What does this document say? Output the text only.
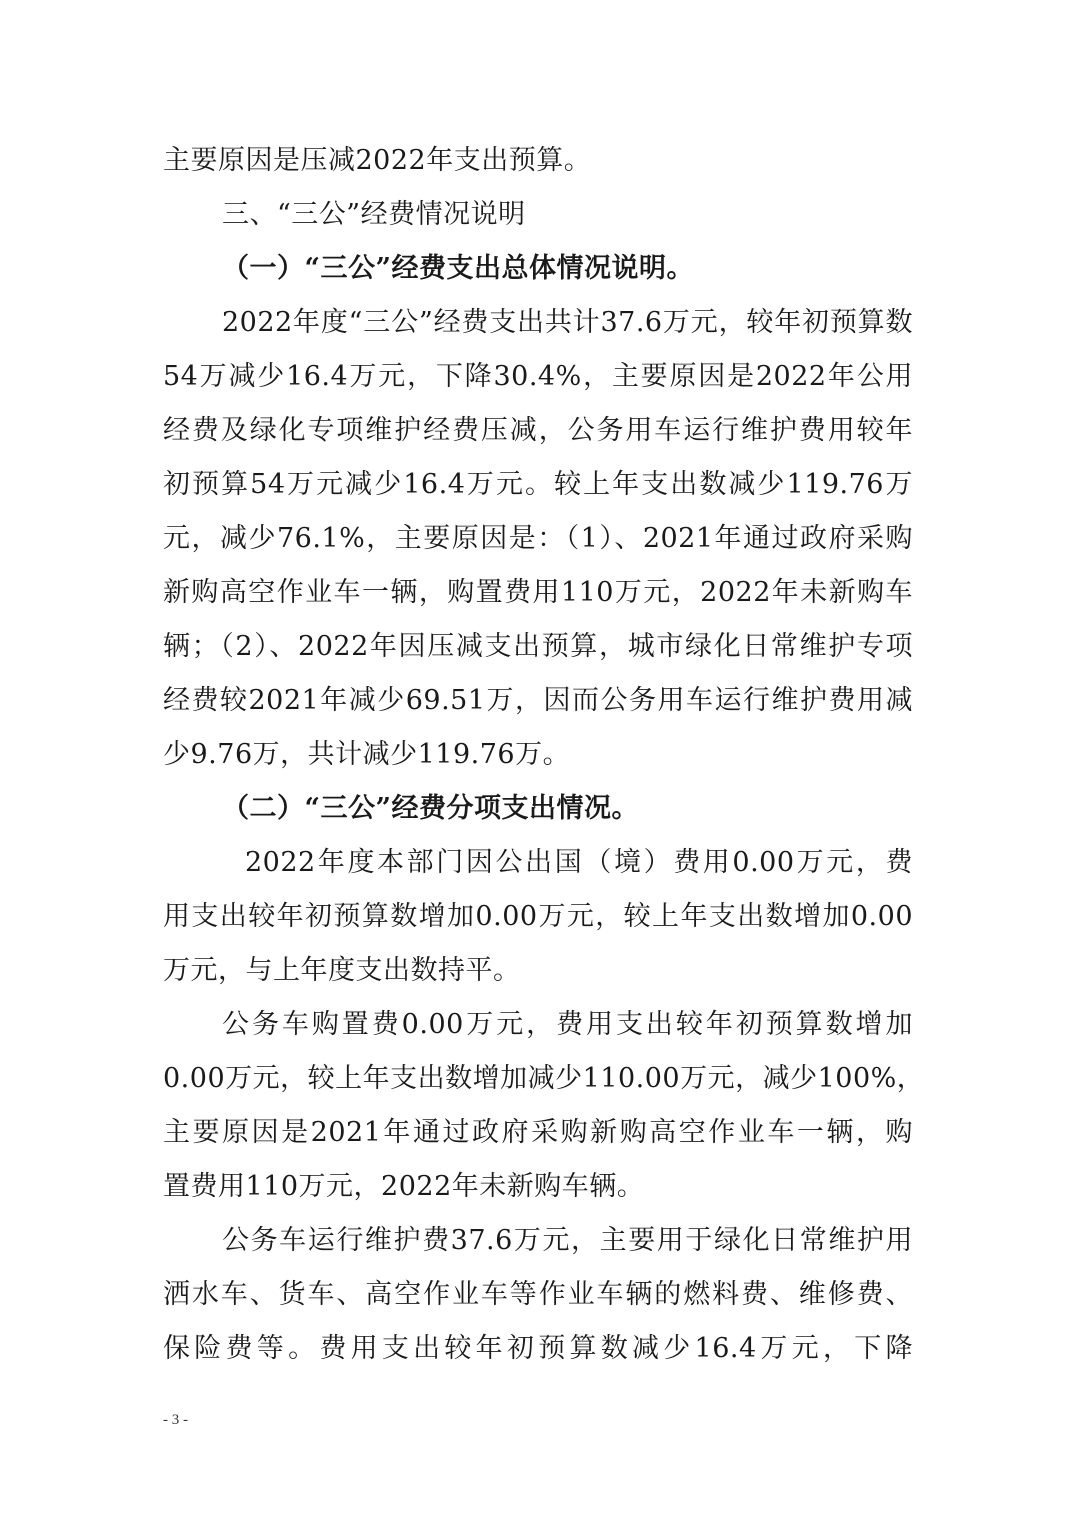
主要原因是压减2022年支出预算。
三、“三公”经费情况说明
（一）“三公”经费支出总体情况说明。
2022年度“三公”经费支出共计37.6万元，较年初预算数
54万减少16.4万元，下降30.4%，主要原因是2022年公用
经费及绿化专项维护经费压减，公务用车运行维护费用较年
初预算54万元减少16.4万元。较上年支出数减少119.76万
元，减少76.1%，主要原因是：（1）、2021年通过政府采购
新购高空作业车一辆，购置费用110万元，2022年未新购车
辆；（2）、2022年因压减支出预算，城市绿化日常维护专项
经费较2021年减少69.51万，因而公务用车运行维护费用减
少9.76万，共计减少119.76万。
（二）“三公”经费分项支出情况。
2022年度本部门因公出国（境）费用0.00万元，费
用支出较年初预算数增加0.00万元，较上年支出数增加0.00
万元，与上年度支出数持平。
公务车购置费0.00万元，费用支出较年初预算数增加
0.00万元，较上年支出数增加减少110.00万元，减少100%，
主要原因是2021年通过政府采购新购高空作业车一辆，购
置费用110万元，2022年未新购车辆。
公务车运行维护费37.6万元，主要用于绿化日常维护用
洒水车、货车、高空作业车等作业车辆的燃料费、维修费、
保险费等。费用支出较年初预算数减少16.4万元，下降
- 3 -
